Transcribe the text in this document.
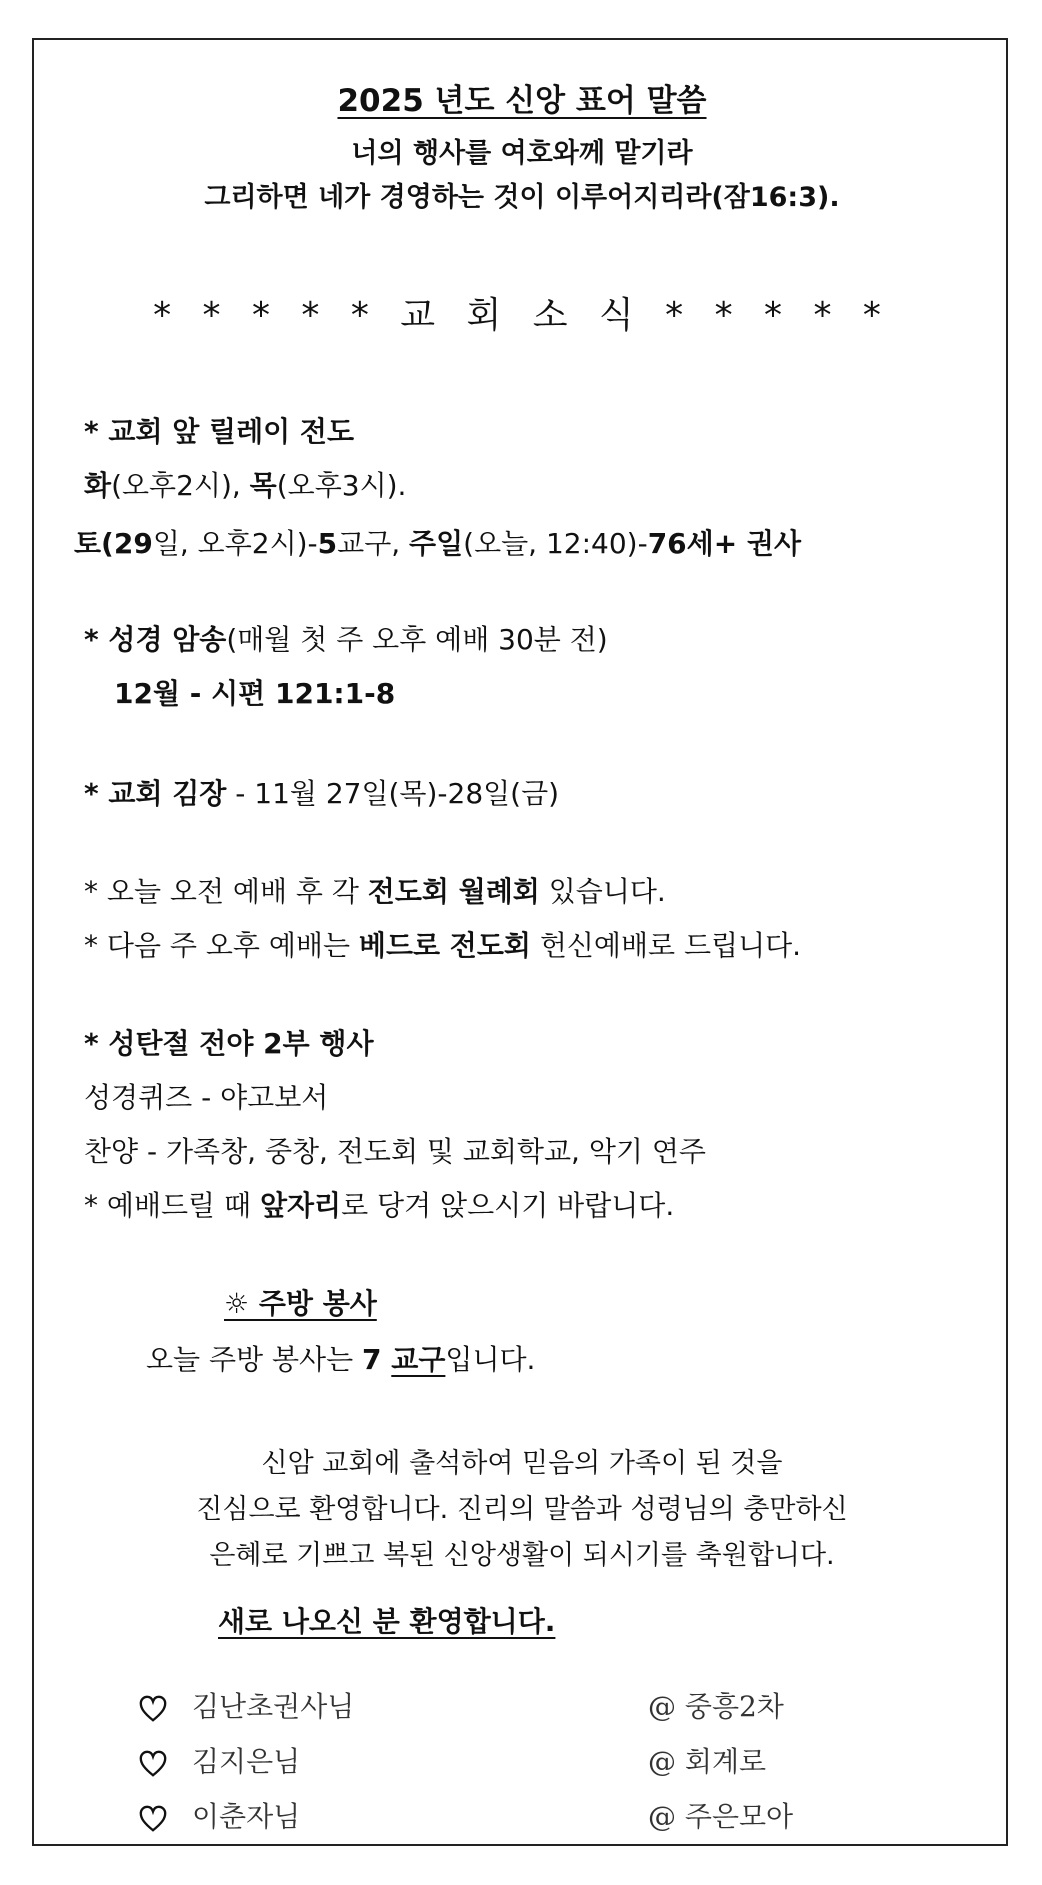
2025 년도 신앙 표어 말씀
너의 행사를 여호와께 맡기라
그리하면 네가 경영하는 것이 이루어지리라(잠16:3).
* * * * * 교 회 소 식 * * * * *
* 교회 앞 릴레이 전도
화(오후2시), 목(오후3시).
토(29일, 오후2시)-5교구, 주일(오늘, 12:40)-76세+ 권사
* 성경 암송(매월 첫 주 오후 예배 30분 전)
12월 - 시편 121:1-8
* 교회 김장 - 11월 27일(목)-28일(금)
* 오늘 오전 예배 후 각 전도회 월례회 있습니다.
* 다음 주 오후 예배는 베드로 전도회 헌신예배로 드립니다.
* 성탄절 전야 2부 행사
성경퀴즈 - 야고보서
찬양 - 가족창, 중창, 전도회 및 교회학교, 악기 연주
* 예배드릴 때 앞자리로 당겨 앉으시기 바랍니다.
☼ 주방 봉사
오늘 주방 봉사는 7 교구입니다.
신암 교회에 출석하여 믿음의 가족이 된 것을
진심으로 환영합니다. 진리의 말씀과 성령님의 충만하신
은혜로 기쁘고 복된 신앙생활이 되시기를 축원합니다.
새로 나오신 분 환영합니다.
김난초권사님	@ 중흥2차
김지은님	@ 회계로
이춘자님	@ 주은모아
